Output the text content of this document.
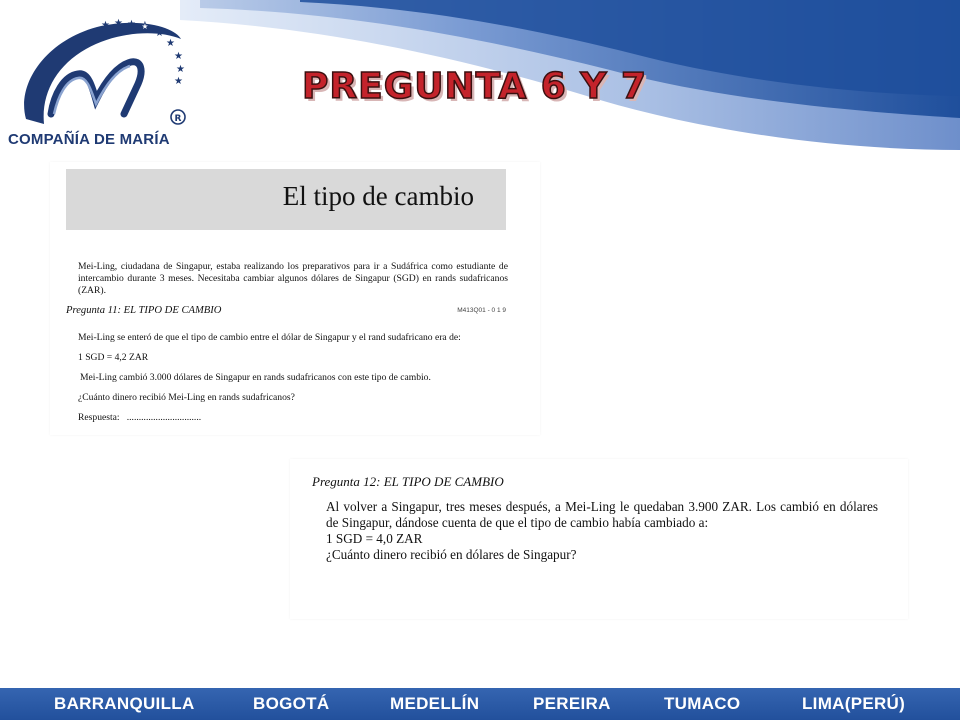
★ ★ ★ ★
★
★
★
★
★
R
COMPAÑÍA DE MARÍA
PREGUNTA 6 Y 7
El tipo de cambio
Mei-Ling, ciudadana de Singapur, estaba realizando los preparativos para ir a Sudáfrica como estudiante de intercambio durante 3 meses. Necesitaba cambiar algunos dólares de Singapur (SGD) en rands sudafricanos (ZAR).
Pregunta 11: EL TIPO DE CAMBIO	M413Q01 - 0 1 9
Mei-Ling se enteró de que el tipo de cambio entre el dólar de Singapur y el rand sudafricano era de:
1 SGD = 4,2 ZAR
Mei-Ling cambió 3.000 dólares de Singapur en rands sudafricanos con este tipo de cambio.
¿Cuánto dinero recibió Mei-Ling en rands sudafricanos?
Respuesta:   ...............................
Pregunta 12: EL TIPO DE CAMBIO
Al volver a Singapur, tres meses después, a Mei-Ling le quedaban 3.900 ZAR. Los cambió en dólares de Singapur, dándose cuenta de que el tipo de cambio había cambiado a:
1 SGD = 4,0 ZAR
¿Cuánto dinero recibió en dólares de Singapur?
BARRANQUILLA	BOGOTÁ	MEDELLÍN	PEREIRA	TUMACO	LIMA(PERÚ)
